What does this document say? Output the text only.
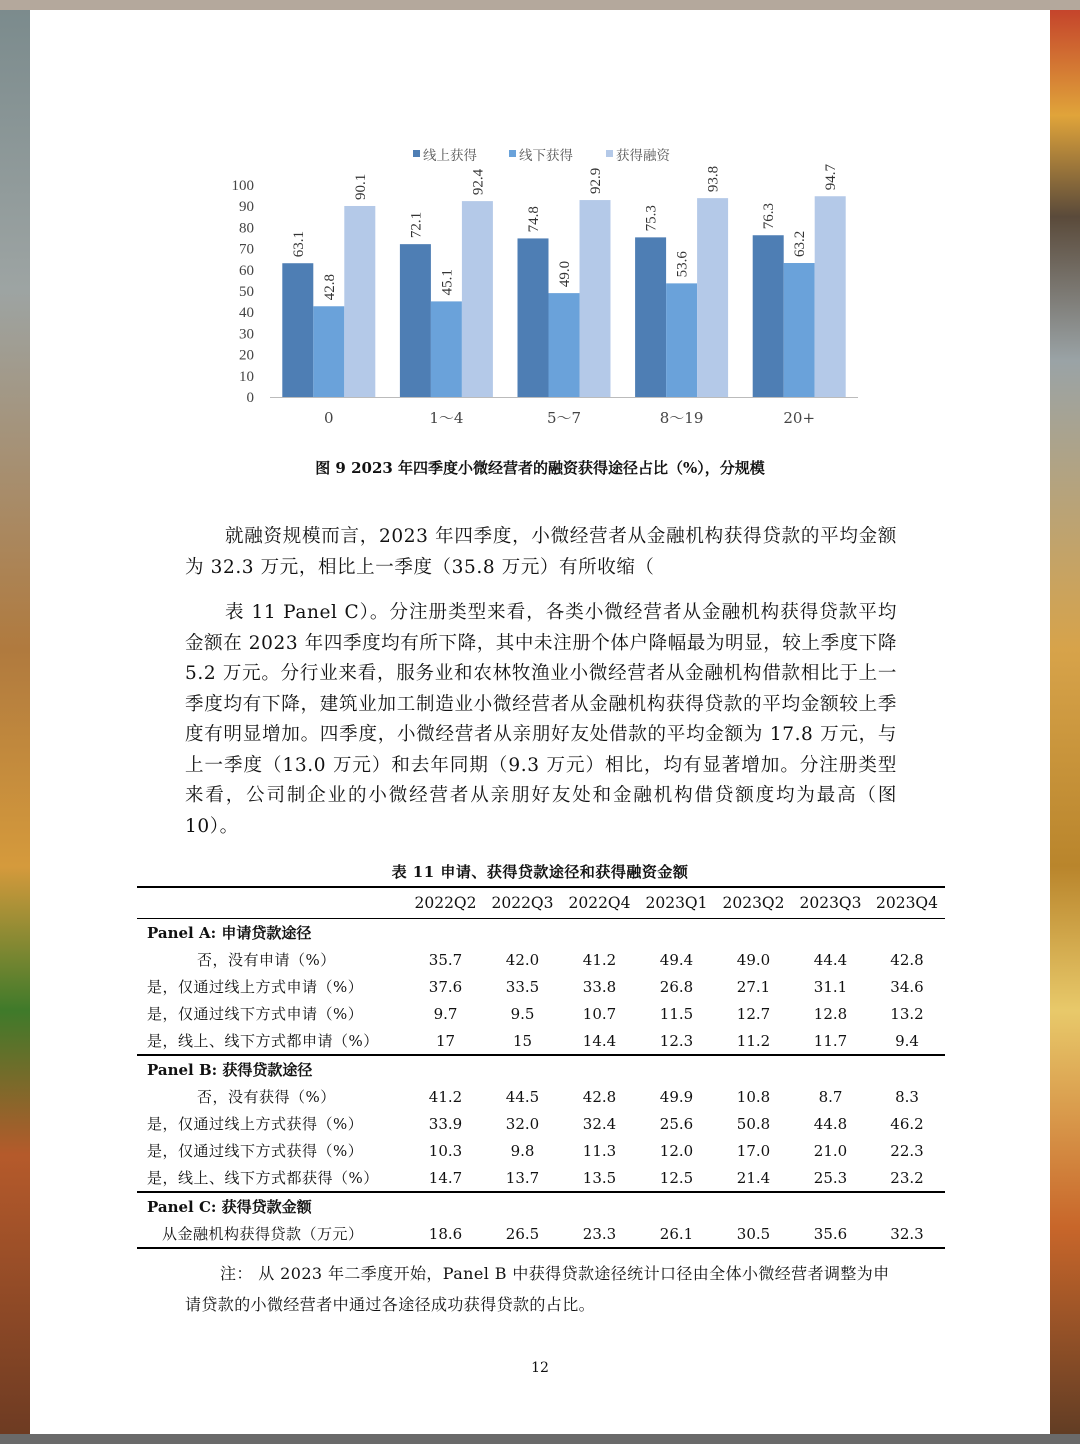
0
10
20
30
40
50
60
70
80
90
100
63.1
72.1	74.8	75.3	76.3
42.8	45.1	49.0	53.6
63.2
90.1	92.4	92.9	93.8	94.7
0	1～4	5～7	8～19	20+
线上获得	线下获得	获得融资
图 9 2023 年四季度小微经营者的融资获得途径占比（%），分规模
就融资规模而言，2023 年四季度，小微经营者从金融机构获得贷款的平均金额为 32.3 万元，相比上一季度（35.8 万元）有所收缩（
表 11 Panel C）。分注册类型来看，各类小微经营者从金融机构获得贷款平均金额在 2023 年四季度均有所下降，其中未注册个体户降幅最为明显，较上季度下降 5.2 万元。分行业来看，服务业和农林牧渔业小微经营者从金融机构借款相比于上一季度均有下降，建筑业加工制造业小微经营者从金融机构获得贷款的平均金额较上季度有明显增加。四季度，小微经营者从亲朋好友处借款的平均金额为 17.8 万元，与上一季度（13.0 万元）和去年同期（9.3 万元）相比，均有显著增加。分注册类型来看，公司制企业的小微经营者从亲朋好友处和金融机构借贷额度均为最高（图 10）。
表 11 申请、获得贷款途径和获得融资金额
	2022Q2	2022Q3	2022Q4	2023Q1	2023Q2	2023Q3	2023Q4
Panel A: 申请贷款途径							
否，没有申请（%）	35.7	42.0	41.2	49.4	49.0	44.4	42.8
是，仅通过线上方式申请（%）	37.6	33.5	33.8	26.8	27.1	31.1	34.6
是，仅通过线下方式申请（%）	9.7	9.5	10.7	11.5	12.7	12.8	13.2
是，线上、线下方式都申请（%）	17	15	14.4	12.3	11.2	11.7	9.4
Panel B: 获得贷款途径							
否，没有获得（%）	41.2	44.5	42.8	49.9	10.8	8.7	8.3
是，仅通过线上方式获得（%）	33.9	32.0	32.4	25.6	50.8	44.8	46.2
是，仅通过线下方式获得（%）	10.3	9.8	11.3	12.0	17.0	21.0	22.3
是，线上、线下方式都获得（%）	14.7	13.7	13.5	12.5	21.4	25.3	23.2
Panel C: 获得贷款金额							
从金融机构获得贷款（万元）	18.6	26.5	23.3	26.1	30.5	35.6	32.3
注： 从 2023 年二季度开始，Panel B 中获得贷款途径统计口径由全体小微经营者调整为申请贷款的小微经营者中通过各途径成功获得贷款的占比。
12
